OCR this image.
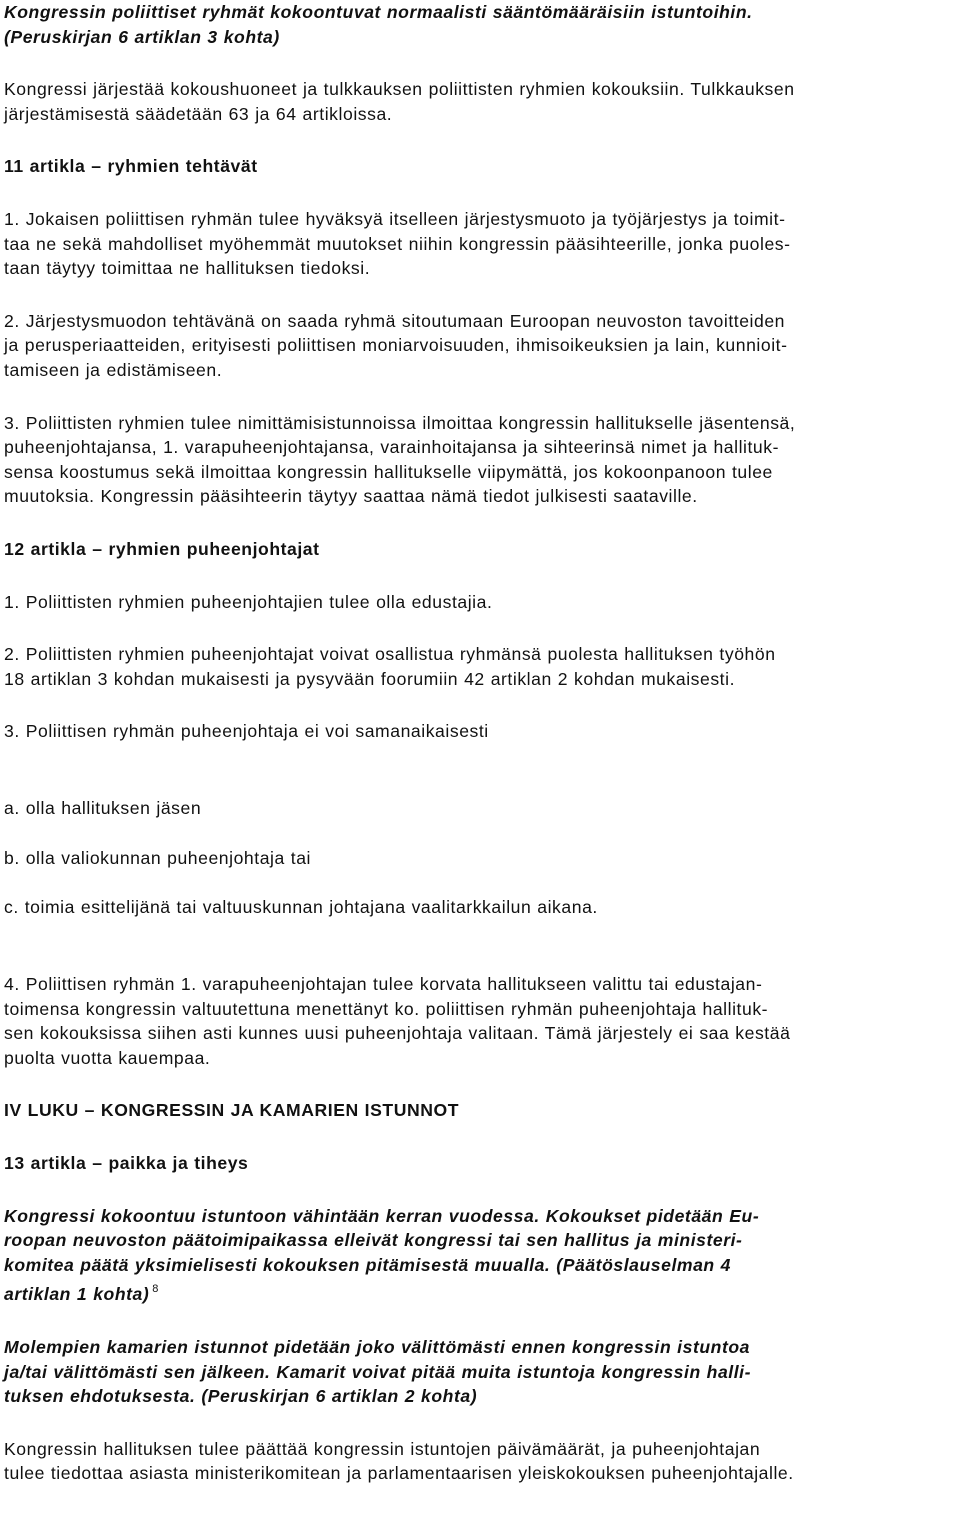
Kongressin poliittiset ryhmät kokoontuvat normaalisti sääntömääräisiin istuntoihin.
(Peruskirjan 6 artiklan 3 kohta)
Kongressi järjestää kokoushuoneet ja tulkkauksen poliittisten ryhmien kokouksiin. Tulkkauksen
järjestämisestä säädetään 63 ja 64 artikloissa.
11 artikla – ryhmien tehtävät
1. Jokaisen poliittisen ryhmän tulee hyväksyä itselleen järjestysmuoto ja työjärjestys ja toimit-
taa ne sekä mahdolliset myöhemmät muutokset niihin kongressin pääsihteerille, jonka puoles-
taan täytyy toimittaa ne hallituksen tiedoksi.
2. Järjestysmuodon tehtävänä on saada ryhmä sitoutumaan Euroopan neuvoston tavoitteiden
ja perusperiaatteiden, erityisesti poliittisen moniarvoisuuden, ihmisoikeuksien ja lain, kunnioit-
tamiseen ja edistämiseen.
3. Poliittisten ryhmien tulee nimittämisistunnoissa ilmoittaa kongressin hallitukselle jäsentensä,
puheenjohtajansa, 1. varapuheenjohtajansa, varainhoitajansa ja sihteerinsä nimet ja hallituk-
sensa koostumus sekä ilmoittaa kongressin hallitukselle viipymättä, jos kokoonpanoon tulee
muutoksia. Kongressin pääsihteerin täytyy saattaa nämä tiedot julkisesti saataville.
12 artikla – ryhmien puheenjohtajat
1. Poliittisten ryhmien puheenjohtajien tulee olla edustajia.
2. Poliittisten ryhmien puheenjohtajat voivat osallistua ryhmänsä puolesta hallituksen työhön
18 artiklan 3 kohdan mukaisesti ja pysyvään foorumiin 42 artiklan 2 kohdan mukaisesti.
3. Poliittisen ryhmän puheenjohtaja ei voi samanaikaisesti

a. olla hallituksen jäsen

b. olla valiokunnan puheenjohtaja tai

c. toimia esittelijänä tai valtuuskunnan johtajana vaalitarkkailun aikana.

4. Poliittisen ryhmän 1. varapuheenjohtajan tulee korvata hallitukseen valittu tai edustajan-
toimensa kongressin valtuutettuna menettänyt ko. poliittisen ryhmän puheenjohtaja hallituk-
sen kokouksissa siihen asti kunnes uusi puheenjohtaja valitaan. Tämä järjestely ei saa kestää
puolta vuotta kauempaa.
IV LUKU – KONGRESSIN JA KAMARIEN ISTUNNOT
13 artikla – paikka ja tiheys
Kongressi kokoontuu istuntoon vähintään kerran vuodessa. Kokoukset pidetään Eu-
roopan neuvoston päätoimipaikassa elleivät kongressi tai sen hallitus ja ministeri-
komitea päätä yksimielisesti kokouksen pitämisestä muualla. (Päätöslauselman 4
artiklan 1 kohta) $^8$
Molempien kamarien istunnot pidetään joko välittömästi ennen kongressin istuntoa
ja/tai välittömästi sen jälkeen. Kamarit voivat pitää muita istuntoja kongressin halli-
tuksen ehdotuksesta. (Peruskirjan 6 artiklan 2 kohta)
Kongressin hallituksen tulee päättää kongressin istuntojen päivämäärät, ja puheenjohtajan
tulee tiedottaa asiasta ministerikomitean ja parlamentaarisen yleiskokouksen puheenjohtajalle.
